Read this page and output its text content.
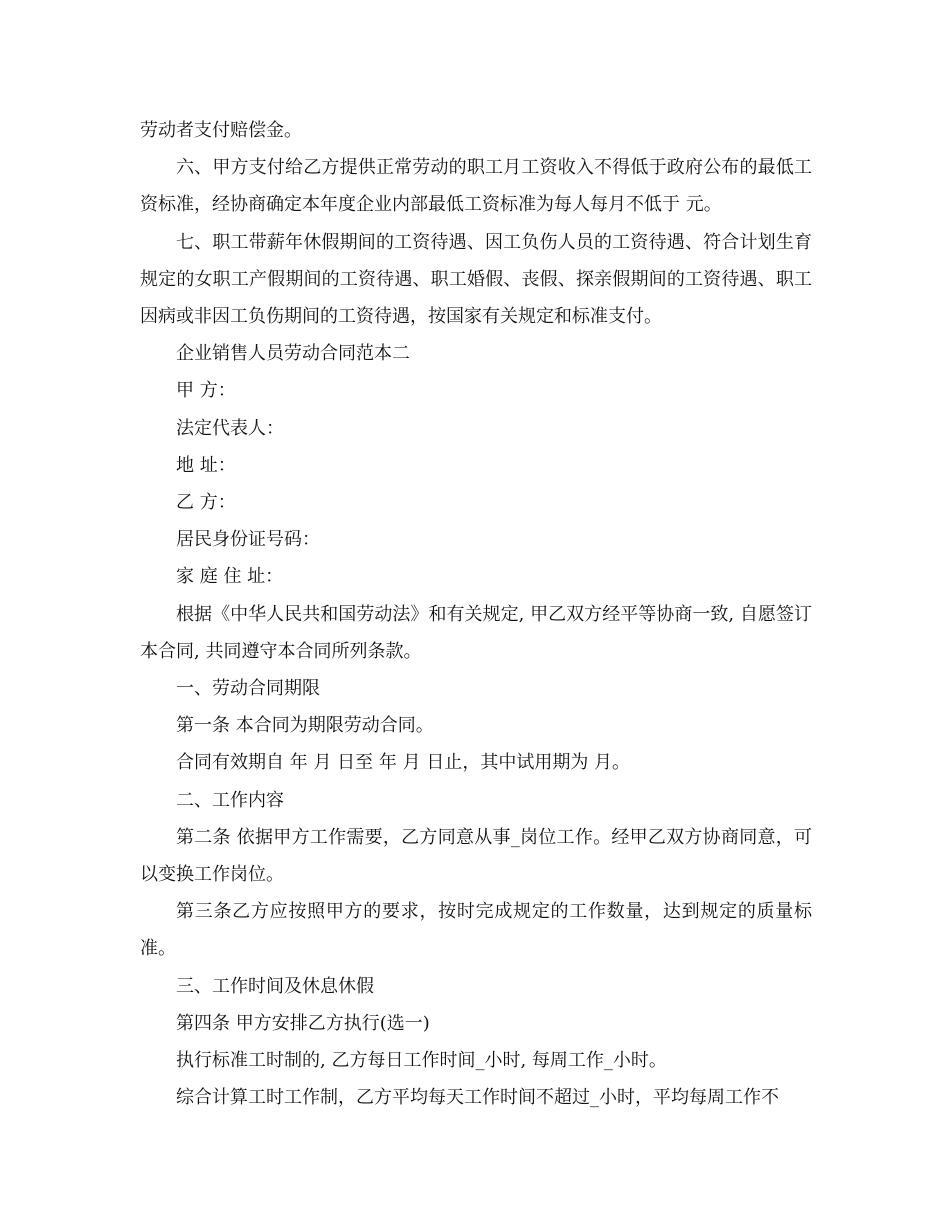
劳动者支付赔偿金。

六、甲方支付给乙方提供正常劳动的职工月工资收入不得低于政府公布的最低工资标准，经协商确定本年度企业内部最低工资标准为每人每月不低于 元。

七、职工带薪年休假期间的工资待遇、因工负伤人员的工资待遇、符合计划生育规定的女职工产假期间的工资待遇、职工婚假、丧假、探亲假期间的工资待遇、职工因病或非因工负伤期间的工资待遇，按国家有关规定和标准支付。

企业销售人员劳动合同范本二

甲 方：

法定代表人：

地 址：

乙 方：

居民身份证号码：

家 庭 住 址：

根据《中华人民共和国劳动法》和有关规定, 甲乙双方经平等协商一致, 自愿签订本合同, 共同遵守本合同所列条款。

一、劳动合同期限

第一条 本合同为期限劳动合同。

合同有效期自 年 月 日至 年 月 日止，其中试用期为 月。

二、工作内容

第二条 依据甲方工作需要，乙方同意从事_岗位工作。经甲乙双方协商同意，可以变换工作岗位。

第三条乙方应按照甲方的要求，按时完成规定的工作数量，达到规定的质量标准。

三、工作时间及休息休假

第四条 甲方安排乙方执行(选一)

执行标准工时制的, 乙方每日工作时间_小时, 每周工作_小时。

综合计算工时工作制，乙方平均每天工作时间不超过_小时，平均每周工作不
